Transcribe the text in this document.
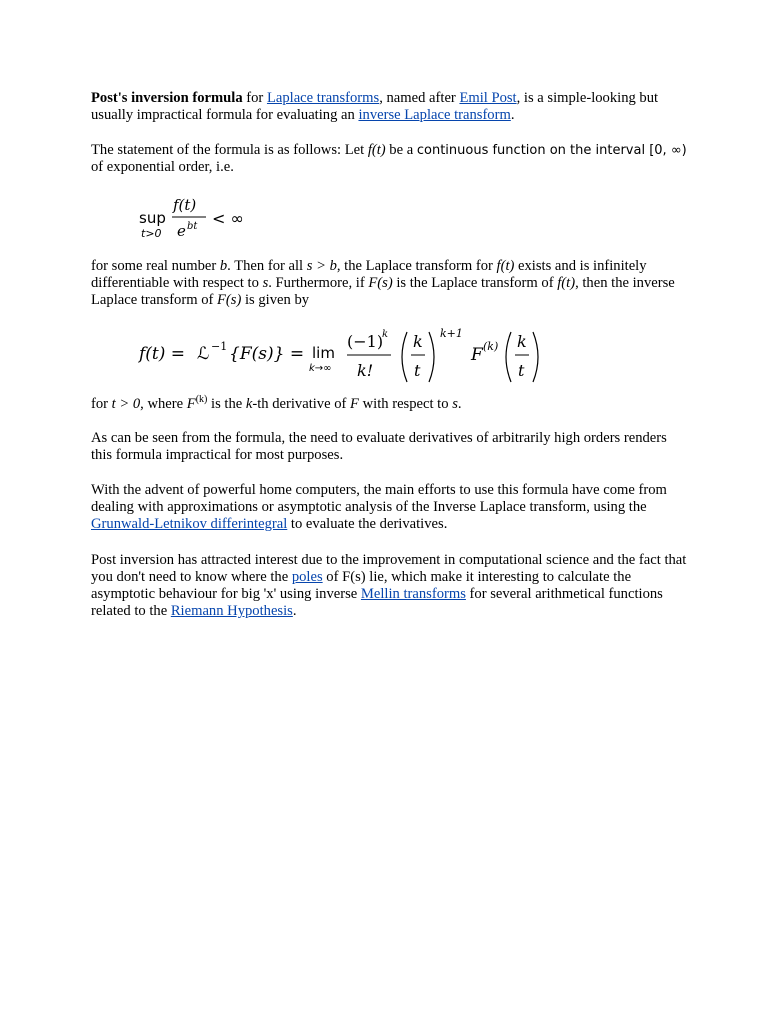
Post's inversion formula for Laplace transforms, named after Emil Post, is a simple-looking but usually impractical formula for evaluating an inverse Laplace transform.

The statement of the formula is as follows: Let f(t) be a continuous function on the interval [0, ∞) of exponential order, i.e.

sup
t>0
f(t)
e bt < ∞

for some real number b. Then for all s > b, the Laplace transform for f(t) exists and is infinitely differentiable with respect to s. Furthermore, if F(s) is the Laplace transform of f(t), then the inverse Laplace transform of F(s) is given by

f(t) = ℒ −1 {F(s)} = lim
k→∞
(−1)
k
k!
k
t
k+1
F (k) k
t

for t > 0, where $F^{(k)}$ is the k-th derivative of F with respect to s.

As can be seen from the formula, the need to evaluate derivatives of arbitrarily high orders renders this formula impractical for most purposes.

With the advent of powerful home computers, the main efforts to use this formula have come from dealing with approximations or asymptotic analysis of the Inverse Laplace transform, using the Grunwald-Letnikov differintegral to evaluate the derivatives.

Post inversion has attracted interest due to the improvement in computational science and the fact that you don't need to know where the poles of F(s) lie, which make it interesting to calculate the asymptotic behaviour for big 'x' using inverse Mellin transforms for several arithmetical functions related to the Riemann Hypothesis.
